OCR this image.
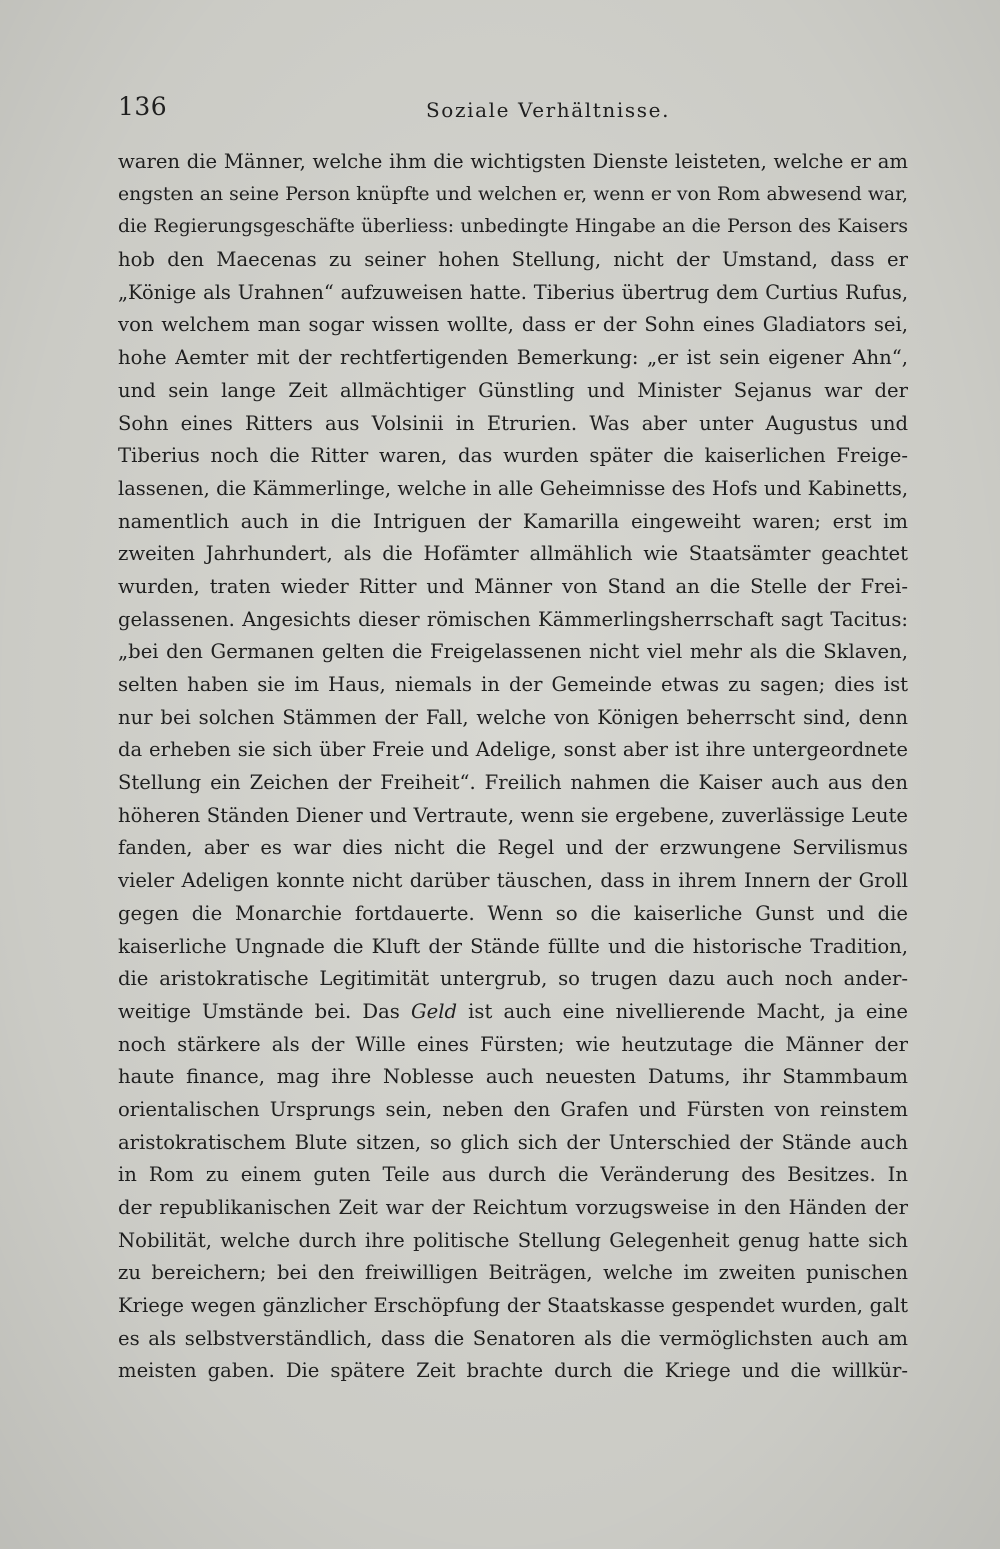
136	Soziale Verhältnisse.
waren die Männer, welche ihm die wichtigsten Dienste leisteten, welche er am
engsten an seine Person knüpfte und welchen er, wenn er von Rom abwesend war,
die Regierungsgeschäfte überliess: unbedingte Hingabe an die Person des Kaisers
hob den Maecenas zu seiner hohen Stellung, nicht der Umstand, dass er
„Könige als Urahnen“ aufzuweisen hatte. Tiberius übertrug dem Curtius Rufus,
von welchem man sogar wissen wollte, dass er der Sohn eines Gladiators sei,
hohe Aemter mit der rechtfertigenden Bemerkung: „er ist sein eigener Ahn“,
und sein lange Zeit allmächtiger Günstling und Minister Sejanus war der
Sohn eines Ritters aus Volsinii in Etrurien. Was aber unter Augustus und
Tiberius noch die Ritter waren, das wurden später die kaiserlichen Freige-
lassenen, die Kämmerlinge, welche in alle Geheimnisse des Hofs und Kabinetts,
namentlich auch in die Intriguen der Kamarilla eingeweiht waren; erst im
zweiten Jahrhundert, als die Hofämter allmählich wie Staatsämter geachtet
wurden, traten wieder Ritter und Männer von Stand an die Stelle der Frei-
gelassenen. Angesichts dieser römischen Kämmerlingsherrschaft sagt Tacitus:
„bei den Germanen gelten die Freigelassenen nicht viel mehr als die Sklaven,
selten haben sie im Haus, niemals in der Gemeinde etwas zu sagen; dies ist
nur bei solchen Stämmen der Fall, welche von Königen beherrscht sind, denn
da erheben sie sich über Freie und Adelige, sonst aber ist ihre untergeordnete
Stellung ein Zeichen der Freiheit“. Freilich nahmen die Kaiser auch aus den
höheren Ständen Diener und Vertraute, wenn sie ergebene, zuverlässige Leute
fanden, aber es war dies nicht die Regel und der erzwungene Servilismus
vieler Adeligen konnte nicht darüber täuschen, dass in ihrem Innern der Groll
gegen die Monarchie fortdauerte. Wenn so die kaiserliche Gunst und die
kaiserliche Ungnade die Kluft der Stände füllte und die historische Tradition,
die aristokratische Legitimität untergrub, so trugen dazu auch noch ander-
weitige Umstände bei. Das Geld ist auch eine nivellierende Macht, ja eine
noch stärkere als der Wille eines Fürsten; wie heutzutage die Männer der
haute finance, mag ihre Noblesse auch neuesten Datums, ihr Stammbaum
orientalischen Ursprungs sein, neben den Grafen und Fürsten von reinstem
aristokratischem Blute sitzen, so glich sich der Unterschied der Stände auch
in Rom zu einem guten Teile aus durch die Veränderung des Besitzes. In
der republikanischen Zeit war der Reichtum vorzugsweise in den Händen der
Nobilität, welche durch ihre politische Stellung Gelegenheit genug hatte sich
zu bereichern; bei den freiwilligen Beiträgen, welche im zweiten punischen
Kriege wegen gänzlicher Erschöpfung der Staatskasse gespendet wurden, galt
es als selbstverständlich, dass die Senatoren als die vermöglichsten auch am
meisten gaben. Die spätere Zeit brachte durch die Kriege und die willkür-
